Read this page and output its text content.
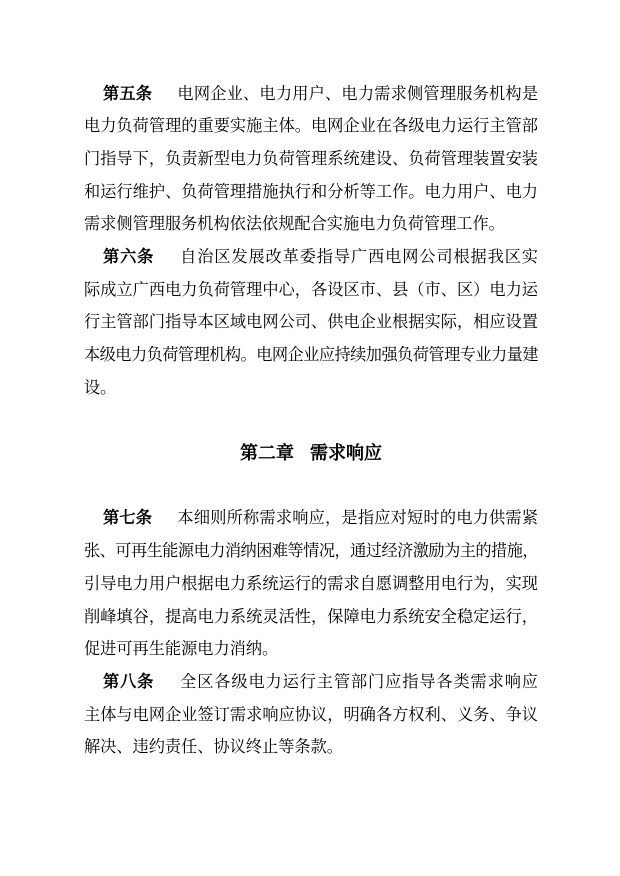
第五条 电网企业、电力用户、电力需求侧管理服务机构是
电力负荷管理的重要实施主体。电网企业在各级电力运行主管部
门指导下，负责新型电力负荷管理系统建设、负荷管理装置安装
和运行维护、负荷管理措施执行和分析等工作。电力用户、电力
需求侧管理服务机构依法依规配合实施电力负荷管理工作。
第六条 自治区发展改革委指导广西电网公司根据我区实
际成立广西电力负荷管理中心，各设区市、县（市、区）电力运
行主管部门指导本区域电网公司、供电企业根据实际，相应设置
本级电力负荷管理机构。电网企业应持续加强负荷管理专业力量建
设。
第二章 需求响应
第七条 本细则所称需求响应，是指应对短时的电力供需紧
张、可再生能源电力消纳困难等情况，通过经济激励为主的措施，
引导电力用户根据电力系统运行的需求自愿调整用电行为，实现
削峰填谷，提高电力系统灵活性，保障电力系统安全稳定运行，
促进可再生能源电力消纳。
第八条 全区各级电力运行主管部门应指导各类需求响应
主体与电网企业签订需求响应协议，明确各方权利、义务、争议
解决、违约责任、协议终止等条款。
